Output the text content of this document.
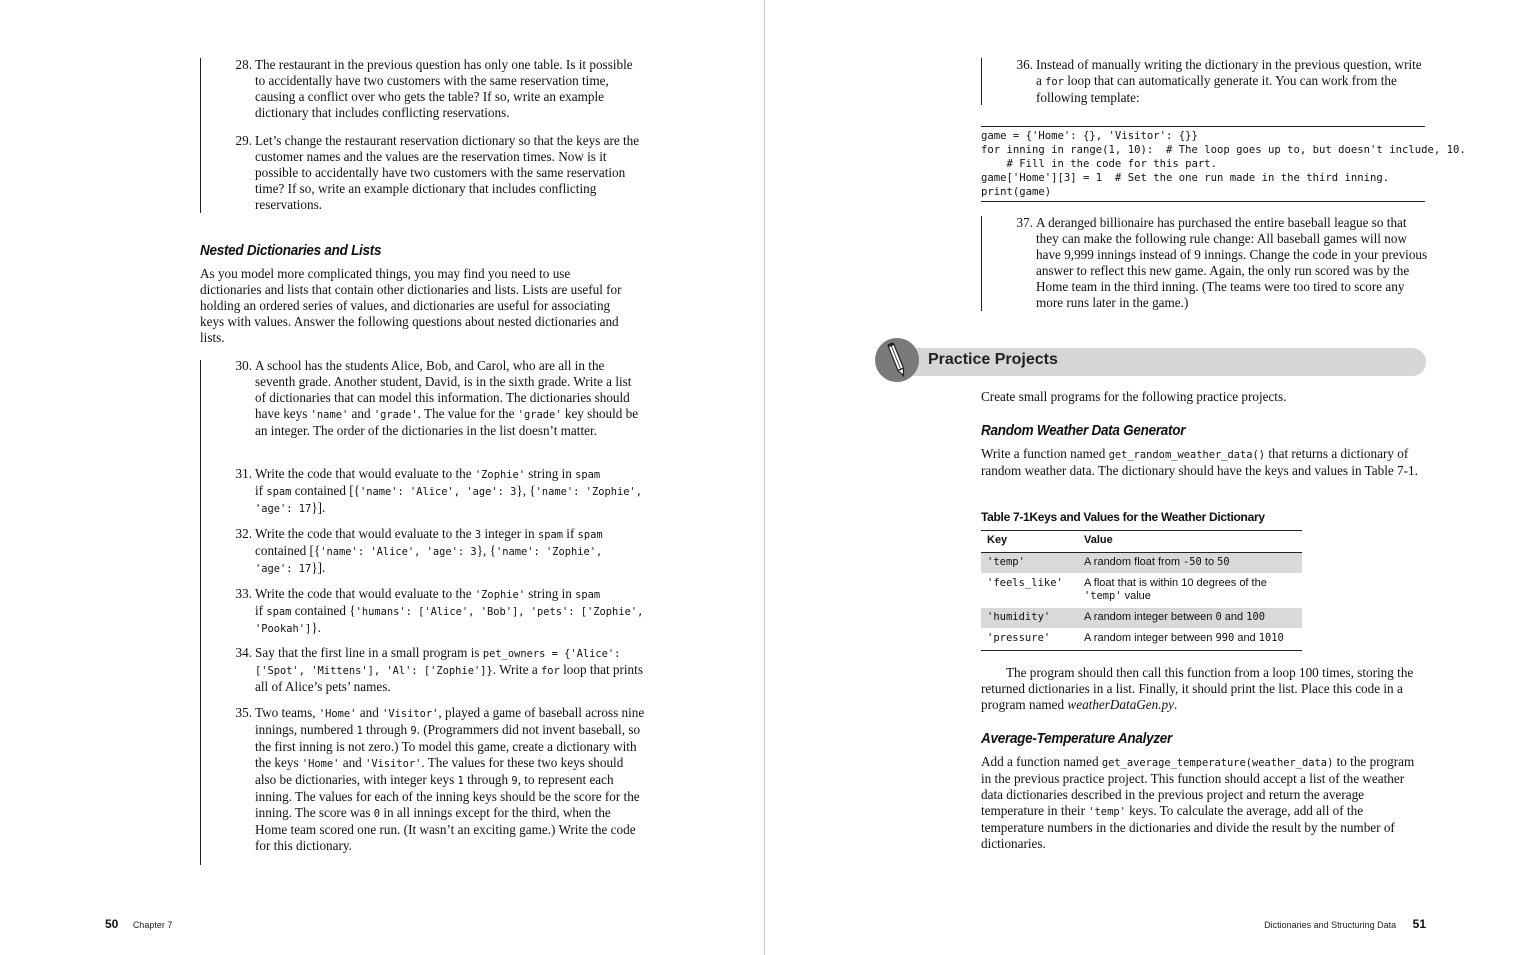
28. The restaurant in the previous question has only one table. Is it possible to accidentally have two customers with the same reservation time, causing a conflict over who gets the table? If so, write an example dictionary that includes conflicting reservations.
29. Let’s change the restaurant reservation dictionary so that the keys are the customer names and the values are the reservation times. Now is it possible to accidentally have two customers with the same reservation time? If so, write an example dictionary that includes conflicting reservations.
Nested Dictionaries and Lists
As you model more complicated things, you may find you need to use dictionaries and lists that contain other dictionaries and lists. Lists are useful for holding an ordered series of values, and dictionaries are useful for associating keys with values. Answer the following questions about nested dictionaries and lists.
30. A school has the students Alice, Bob, and Carol, who are all in the seventh grade. Another student, David, is in the sixth grade. Write a list of dictionaries that can model this information. The dictionaries should have keys 'name' and 'grade'. The value for the 'grade' key should be an integer. The order of the dictionaries in the list doesn’t matter.
31. Write the code that would evaluate to the 'Zophie' string in spam
if spam contained [{'name': 'Alice', 'age': 3}, {'name': 'Zophie', 'age': 17}].
32. Write the code that would evaluate to the 3 integer in spam if spam
contained [{'name': 'Alice', 'age': 3}, {'name': 'Zophie', 'age': 17}].
33. Write the code that would evaluate to the 'Zophie' string in spam
if spam contained {'humans': ['Alice', 'Bob'], 'pets': ['Zophie', 'Pookah']}.
34. Say that the first line in a small program is pet_owners = {'Alice': ['Spot', 'Mittens'], 'Al': ['Zophie']}. Write a for loop that prints all of Alice’s pets’ names.
35. Two teams, 'Home' and 'Visitor', played a game of baseball across nine innings, numbered 1 through 9. (Programmers did not invent baseball, so the first inning is not zero.) To model this game, create a dictionary with the keys 'Home' and 'Visitor'. The values for these two keys should also be dictionaries, with integer keys 1 through 9, to represent each inning. The values for each of the inning keys should be the score for the inning. The score was 0 in all innings except for the third, when the Home team scored one run. (It wasn’t an exciting game.) Write the code for this dictionary.
50 Chapter 7
36. Instead of manually writing the dictionary in the previous question, write a for loop that can automatically generate it. You can work from the following template:
game = {'Home': {}, 'Visitor': {}}
for inning in range(1, 10):  # The loop goes up to, but doesn't include, 10.
# Fill in the code for this part.
game['Home'][3] = 1  # Set the one run made in the third inning.
print(game)
37. A deranged billionaire has purchased the entire baseball league so that they can make the following rule change: All baseball games will now have 9,999 innings instead of 9 innings. Change the code in your previous answer to reflect this new game. Again, the only run scored was by the Home team in the third inning. (The teams were too tired to score any more runs later in the game.)
Practice Projects
Create small programs for the following practice projects.
Random Weather Data Generator
Write a function named get_random_weather_data() that returns a dictionary of random weather data. The dictionary should have the keys and values in Table 7-1.
Table 7-1Keys and Values for the Weather Dictionary
Key	Value
'temp'	A random float from -50 to 50
'feels_like' A float that is within 10 degrees of the 'temp' value
'humidity'	A random integer between 0 and 100
'pressure'	A random integer between 990 and 1010
The program should then call this function from a loop 100 times, storing the returned dictionaries in a list. Finally, it should print the list. Place this code in a program named weatherDataGen.py.
Average-Temperature Analyzer
Add a function named get_average_temperature(weather_data) to the program in the previous practice project. This function should accept a list of the weather data dictionaries described in the previous project and return the average temperature in their 'temp' keys. To calculate the average, add all of the temperature numbers in the dictionaries and divide the result by the number of dictionaries.
Dictionaries and Structuring Data 51
